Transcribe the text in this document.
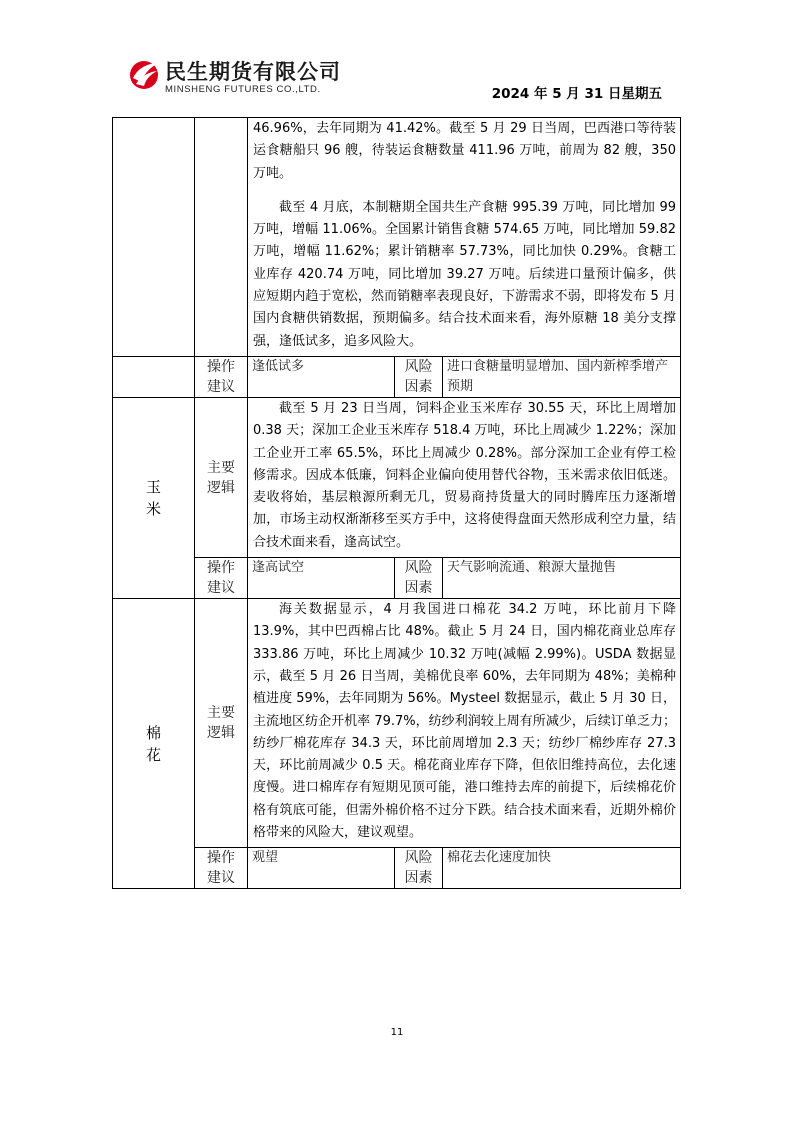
民生期货有限公司
MINSHENG FUTURES CO.,LTD.	2024 年 5 月 31 日星期五

		46.96%，去年同期为 41.42%。截至 5 月 29 日当周，巴西港口等待装运食糖船只 96 艘，待装运食糖数量 411.96 万吨，前周为 82 艘，350 万吨。

截至 4 月底，本制糖期全国共生产食糖 995.39 万吨，同比增加 99 万吨，增幅 11.06%。全国累计销售食糖 574.65 万吨，同比增加 59.82 万吨，增幅 11.62%；累计销糖率 57.73%，同比加快 0.29%。食糖工业库存 420.74 万吨，同比增加 39.27 万吨。后续进口量预计偏多，供应短期内趋于宽松，然而销糖率表现良好，下游需求不弱，即将发布 5 月国内食糖供销数据，预期偏多。结合技术面来看，海外原糖 18 美分支撑强，逢低试多，追多风险大。		

	操作建议	逢低试多	风险因素	进口食糖量明显增加、国内新榨季增产预期
玉米	主要逻辑	截至 5 月 23 日当周，饲料企业玉米库存 30.55 天，环比上周增加 0.38 天；深加工企业玉米库存 518.4 万吨，环比上周减少 1.22%；深加工企业开工率 65.5%，环比上周减少 0.28%。部分深加工企业有停工检修需求。因成本低廉，饲料企业偏向使用替代谷物，玉米需求依旧低迷。麦收将始，基层粮源所剩无几，贸易商持货量大的同时腾库压力逐渐增加，市场主动权渐渐移至买方手中，这将使得盘面天然形成利空力量，结合技术面来看，逢高试空。		

	操作建议	逢高试空	风险因素	天气影响流通、粮源大量抛售
棉花	主要逻辑	海关数据显示，4 月我国进口棉花 34.2 万吨，环比前月下降 13.9%，其中巴西棉占比 48%。截止 5 月 24 日，国内棉花商业总库存 333.86 万吨，环比上周减少 10.32 万吨(减幅 2.99%)。USDA 数据显示，截至 5 月 26 日当周，美棉优良率 60%，去年同期为 48%；美棉种植进度 59%，去年同期为 56%。Mysteel 数据显示，截止 5 月 30 日，主流地区纺企开机率 79.7%，纺纱利润较上周有所减少，后续订单乏力；纺纱厂棉花库存 34.3 天，环比前周增加 2.3 天；纺纱厂棉纱库存 27.3 天，环比前周减少 0.5 天。棉花商业库存下降，但依旧维持高位，去化速度慢。进口棉库存有短期见顶可能，港口维持去库的前提下，后续棉花价格有筑底可能，但需外棉价格不过分下跌。结合技术面来看，近期外棉价格带来的风险大，建议观望。		

	操作建议	观望	风险因素	棉花去化速度加快
11
